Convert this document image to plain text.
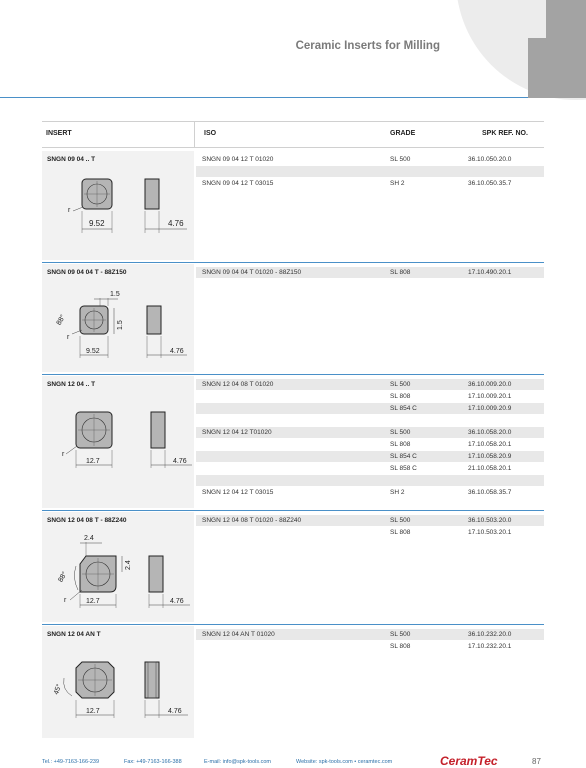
Ceramic Inserts for Milling
INSERT	ISO	GRADE	SPK REF. NO.
SNGN 09 04 .. T	SNGN 09 04 12 T 01020	SL 500	36.10.050.20.0
SNGN 09 04 12 T 03015	SH 2	36.10.050.35.7
r
9.52	4.76
SNGN 09 04 04 T - 88Z150	SNGN 09 04 04 T 01020 - 88Z150	SL 808	17.10.490.20.1
r
1.5
88°	1.5
9.52	4.76
SNGN 12 04 .. T	SNGN 12 04 08 T 01020	SL 500	36.10.009.20.0
SL 808	17.10.009.20.1
SL 854 C	17.10.009.20.9
SNGN 12 04 12 T01020	SL 500	36.10.058.20.0
SL 808	17.10.058.20.1
SL 854 C	17.10.058.20.9
SL 858 C	21.10.058.20.1
SNGN 12 04 12 T 03015	SH 2	36.10.058.35.7
r
12.7	4.76
SNGN 12 04 08 T - 88Z240	SNGN 12 04 08 T 01020 - 88Z240	SL 500	36.10.503.20.0
SL 808	17.10.503.20.1
2.4
2.4
88°
r	12.7	4.76
SNGN 12 04 AN T	SNGN 12 04 AN T 01020	SL 500	36.10.232.20.0
SL 808	17.10.232.20.1
45°
12.7	4.76
Tel.: +49-7163-166-239	Fax: +49-7163-166-388	E-mail: info@spk-tools.com	Website: spk-tools.com • ceramtec.com	CeramTec	87
